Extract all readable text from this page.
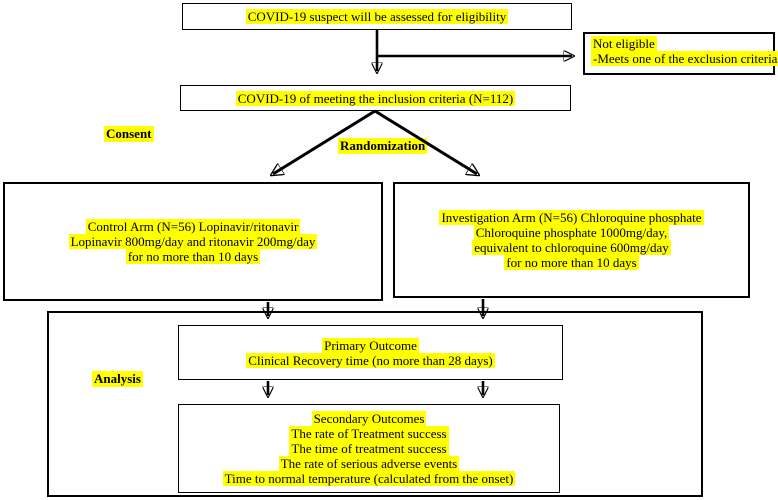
COVID-19 suspect will be assessed for eligibility
Not eligible
-Meets one of the exclusion criteria
COVID-19 of meeting the inclusion criteria (N=112)
Consent
Randomization
Control Arm (N=56) Lopinavir/ritonavir
Lopinavir 800mg/day and ritonavir 200mg/day
for no more than 10 days
Investigation Arm (N=56) Chloroquine phosphate
Chloroquine phosphate 1000mg/day,
equivalent to chloroquine 600mg/day
for no more than 10 days
Analysis
Primary Outcome
Clinical Recovery time (no more than 28 days)
Secondary Outcomes
The rate of Treatment success
The time of treatment success
The rate of serious adverse events
Time to normal temperature (calculated from the onset)
